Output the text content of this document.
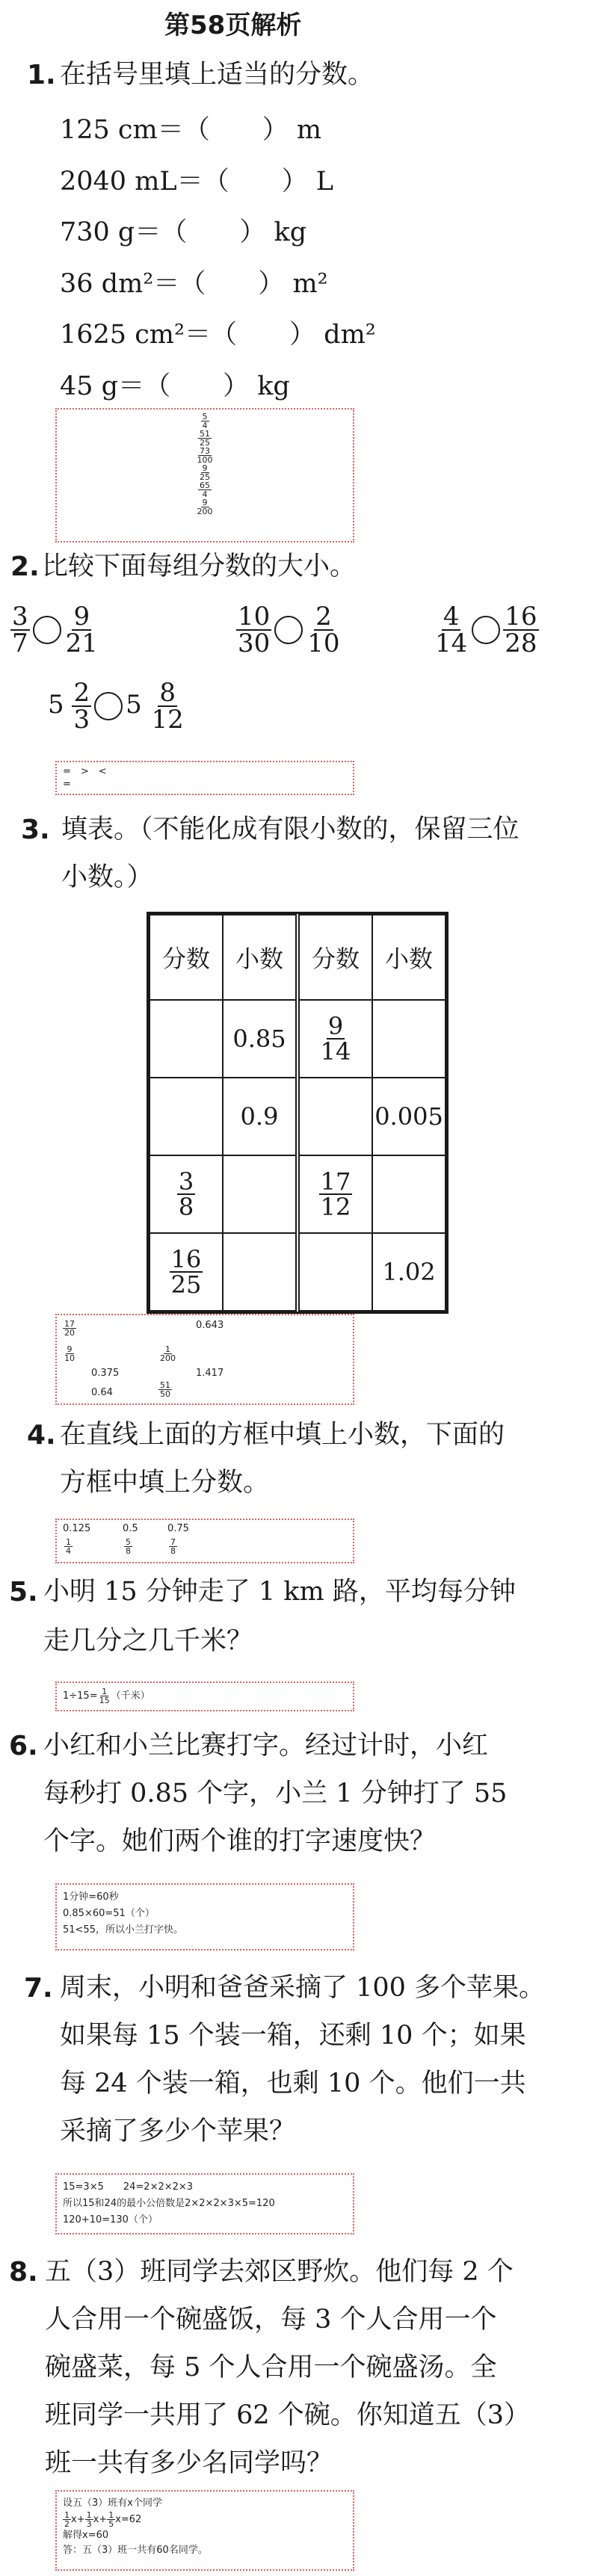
第58页解析
1. 在括号里填上适当的分数。
125 cm＝（　　） m
2040 mL＝（　　） L
730 g＝（　　） kg
36 dm²＝（　　） m²
1625 cm²＝（　　） dm²
45 g＝（　　） kg
5
4
51
25
73
100
9
25
65
4
9
200
2. 比较下面每组分数的大小。
$\frac{3}{7} \frac{9}{21}$	$\frac{10}{30} \frac{2}{10}$	$\frac{4}{14} \frac{16}{28}$
$5 \frac{2}{3} 5 \frac{8}{12}$
=　>　<
=
3. 填表。（不能化成有限小数的，保留三位
小数。）
分数	小数	分数	小数
	0.85	$\frac{9}{14}$

	0.9		0.005

$\frac{3}{8}$		$\frac{17}{12}$

$\frac{16}{25}$			1.02
$\frac{17}{20}$	0.643
$\frac{9}{10}$	$\frac{1}{200}$
0.375	1.417
0.64	$\frac{51}{50}$
4. 在直线上面的方框中填上小数，下面的
方框中填上分数。
0.125	0.5	0.75
$\frac{1}{4}$	$\frac{5}{8}$	$\frac{7}{8}$
5. 小明 15 分钟走了 1 km 路，平均每分钟
走几分之几千米？
$1\div 15= \frac{1}{15}$ （千米）
6. 小红和小兰比赛打字。经过计时，小红
每秒打 0.85 个字，小兰 1 分钟打了 55
个字。她们两个谁的打字速度快？
1分钟=60秒
0.85×60=51（个）
51<55，所以小兰打字快。
7. 周末，小明和爸爸采摘了 100 多个苹果。
如果每 15 个装一箱，还剩 10 个；如果
每 24 个装一箱，也剩 10 个。他们一共
采摘了多少个苹果？
15=3×5　　24=2×2×2×3
所以15和24的最小公倍数是2×2×2×3×5=120
120+10=130（个）
8. 五（3）班同学去郊区野炊。他们每 2 个
人合用一个碗盛饭，每 3 个人合用一个
碗盛菜，每 5 个人合用一个碗盛汤。全
班同学一共用了 62 个碗。你知道五（3）
班一共有多少名同学吗？
设五（3）班有x个同学
$\frac{1}{2} x+ \frac{1}{3} x+ \frac{1}{5} x=62$
解得x=60
答：五（3）班一共有60名同学。
